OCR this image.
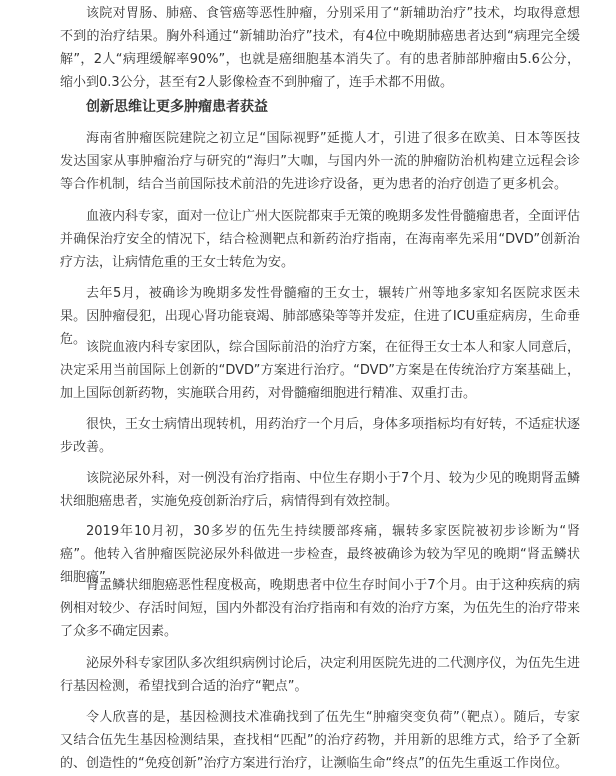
该院对胃肠、肺癌、食管癌等恶性肿瘤，分别采用了“新辅助治疗”技术，均取得意想不到的治疗结果。胸外科通过“新辅助治疗”技术，有4位中晚期肺癌患者达到“病理完全缓解”，2人“病理缓解率90%”，也就是癌细胞基本消失了。有的患者肺部肿瘤由5.6公分，缩小到0.3公分，甚至有2人影像检查不到肿瘤了，连手术都不用做。

创新思维让更多肿瘤患者获益

海南省肿瘤医院建院之初立足“国际视野”延揽人才，引进了很多在欧美、日本等医技发达国家从事肿瘤治疗与研究的“海归”大咖，与国内外一流的肿瘤防治机构建立远程会诊等合作机制，结合当前国际技术前沿的先进诊疗设备，更为患者的治疗创造了更多机会。

血液内科专家，面对一位让广州大医院都束手无策的晚期多发性骨髓瘤患者，全面评估并确保治疗安全的情况下，结合检测靶点和新药治疗指南，在海南率先采用“DVD”创新治疗方法，让病情危重的王女士转危为安。

去年5月，被确诊为晚期多发性骨髓瘤的王女士，辗转广州等地多家知名医院求医未果。因肿瘤侵犯，出现心肾功能衰竭、肺部感染等等并发症，住进了ICU重症病房，生命垂危。

该院血液内科专家团队，综合国际前沿的治疗方案，在征得王女士本人和家人同意后，决定采用当前国际上创新的“DVD”方案进行治疗。“DVD”方案是在传统治疗方案基础上，加上国际创新药物，实施联合用药，对骨髓瘤细胞进行精准、双重打击。

很快，王女士病情出现转机，用药治疗一个月后，身体多项指标均有好转，不适症状逐步改善。

该院泌尿外科，对一例没有治疗指南、中位生存期小于7个月、较为少见的晚期肾盂鳞状细胞癌患者，实施免疫创新治疗后，病情得到有效控制。

2019年10月初，30多岁的伍先生持续腰部疼痛，辗转多家医院被初步诊断为“肾癌”。他转入省肿瘤医院泌尿外科做进一步检查，最终被确诊为较为罕见的晚期“肾盂鳞状细胞癌”。

肾盂鳞状细胞癌恶性程度极高，晚期患者中位生存时间小于7个月。由于这种疾病的病例相对较少、存活时间短，国内外都没有治疗指南和有效的治疗方案，为伍先生的治疗带来了众多不确定因素。

泌尿外科专家团队多次组织病例讨论后，决定利用医院先进的二代测序仪，为伍先生进行基因检测，希望找到合适的治疗“靶点”。

令人欣喜的是，基因检测技术准确找到了伍先生“肿瘤突变负荷”（靶点）。随后，专家又结合伍先生基因检测结果，查找相“匹配”的治疗药物，并用新的思维方式，给予了全新的、创造性的“免疫创新”治疗方案进行治疗，让濒临生命“终点”的伍先生重返工作岗位。
